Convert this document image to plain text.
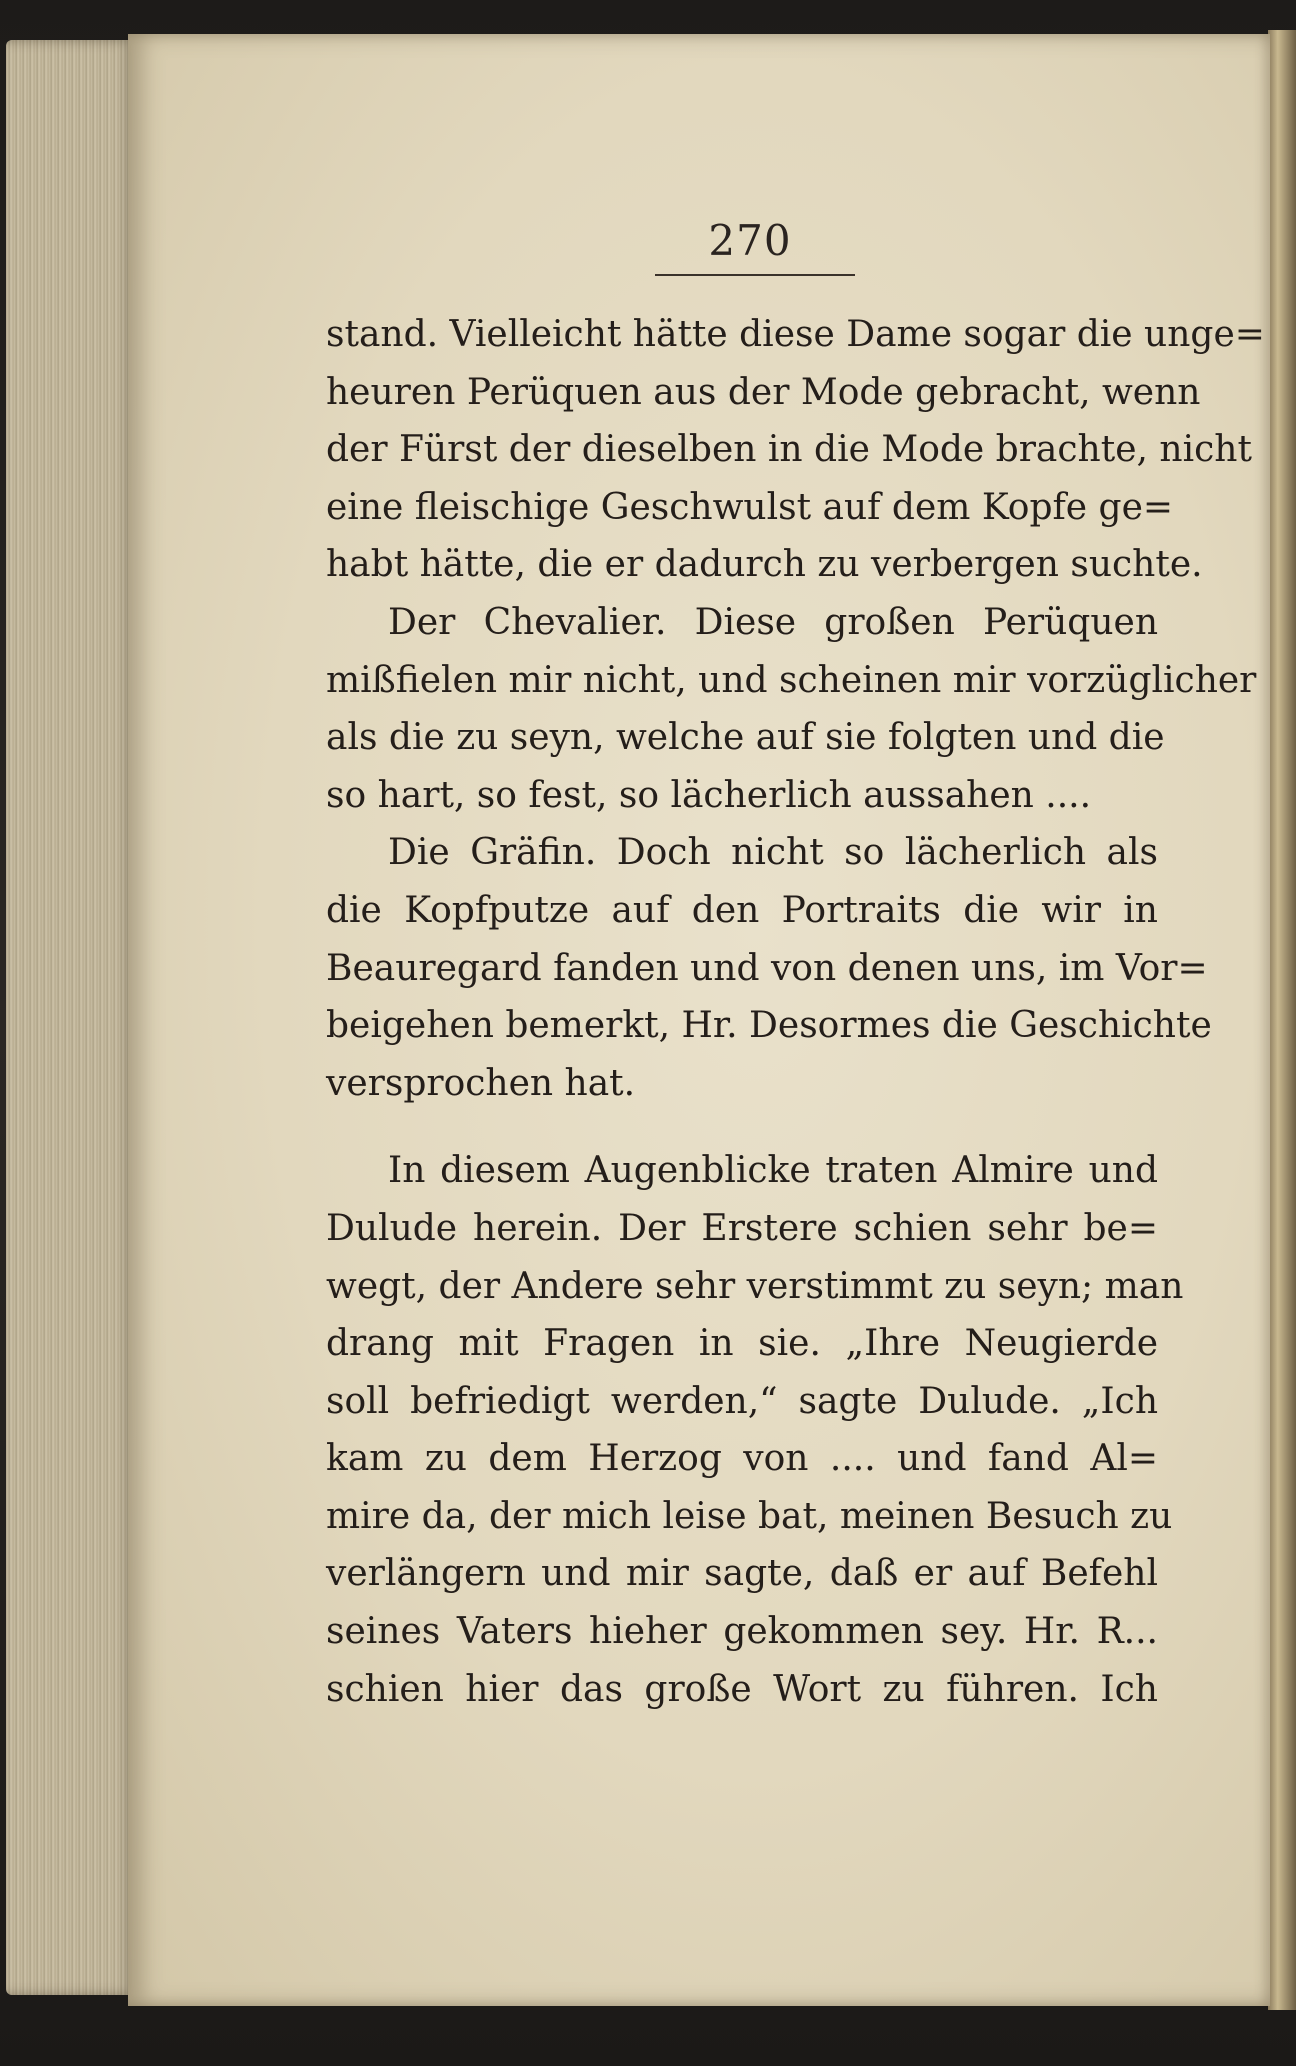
270
stand. Vielleicht hätte diese Dame sogar die unge=
heuren Perüquen aus der Mode gebracht, wenn
der Fürst der dieselben in die Mode brachte, nicht
eine fleischige Geschwulst auf dem Kopfe ge=
habt hätte, die er dadurch zu verbergen suchte.
Der Chevalier. Diese großen Perüquen
mißfielen mir nicht, und scheinen mir vorzüglicher
als die zu seyn, welche auf sie folgten und die
so hart, so fest, so lächerlich aussahen ....
Die Gräfin. Doch nicht so lächerlich als
die Kopfputze auf den Portraits die wir in
Beauregard fanden und von denen uns, im Vor=
beigehen bemerkt, Hr. Desormes die Geschichte
versprochen hat.
In diesem Augenblicke traten Almire und
Dulude herein. Der Erstere schien sehr be=
wegt, der Andere sehr verstimmt zu seyn; man
drang mit Fragen in sie. „Ihre Neugierde
soll befriedigt werden,“ sagte Dulude. „Ich
kam zu dem Herzog von .... und fand Al=
mire da, der mich leise bat, meinen Besuch zu
verlängern und mir sagte, daß er auf Befehl
seines Vaters hieher gekommen sey. Hr. R...
schien hier das große Wort zu führen. Ich
